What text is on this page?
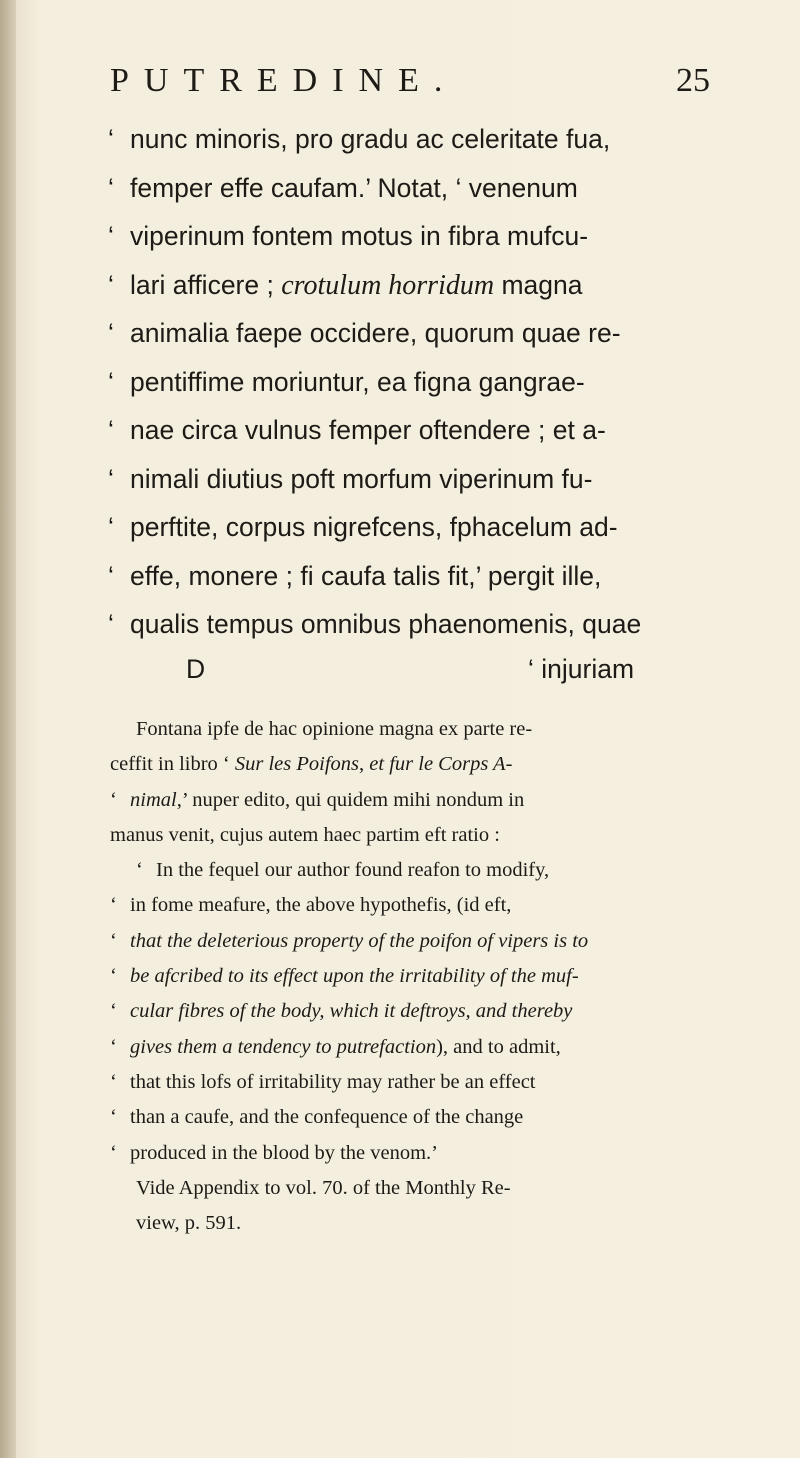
PUTREDINE.	25
‘ nunc minoris, pro gradu ac celeritate fua,
‘ femper effe caufam.’ Notat, ‘ venenum
‘ viperinum fontem motus in fibra mufcu-
‘ lari afficere ; crotulum horridum magna
‘ animalia faepe occidere, quorum quae re-
‘ pentiffime moriuntur, ea figna gangrae-
‘ nae circa vulnus femper oftendere ; et a-
‘ nimali diutius poft morfum viperinum fu-
‘ perftite, corpus nigrefcens, fphacelum ad-
‘ effe, monere ; fi caufa talis fit,’ pergit ille,
‘ qualis tempus omnibus phaenomenis, quae
D	‘ injuriam
Fontana ipfe de hac opinione magna ex parte re-
ceffit in libro ‘ Sur les Poifons, et fur le Corps A-
‘ nimal,’ nuper edito, qui quidem mihi nondum in
manus venit, cujus autem haec partim eft ratio :
‘ In the fequel our author found reafon to modify,
‘ in fome meafure, the above hypothefis, (id eft,
‘ that the deleterious property of the poifon of vipers is to
‘ be afcribed to its effect upon the irritability of the muf-
‘ cular fibres of the body, which it deftroys, and thereby
‘ gives them a tendency to putrefaction), and to admit,
‘ that this lofs of irritability may rather be an effect
‘ than a caufe, and the confequence of the change
‘ produced in the blood by the venom.’
Vide Appendix to vol. 70. of the Monthly Re-
view, p. 591.
